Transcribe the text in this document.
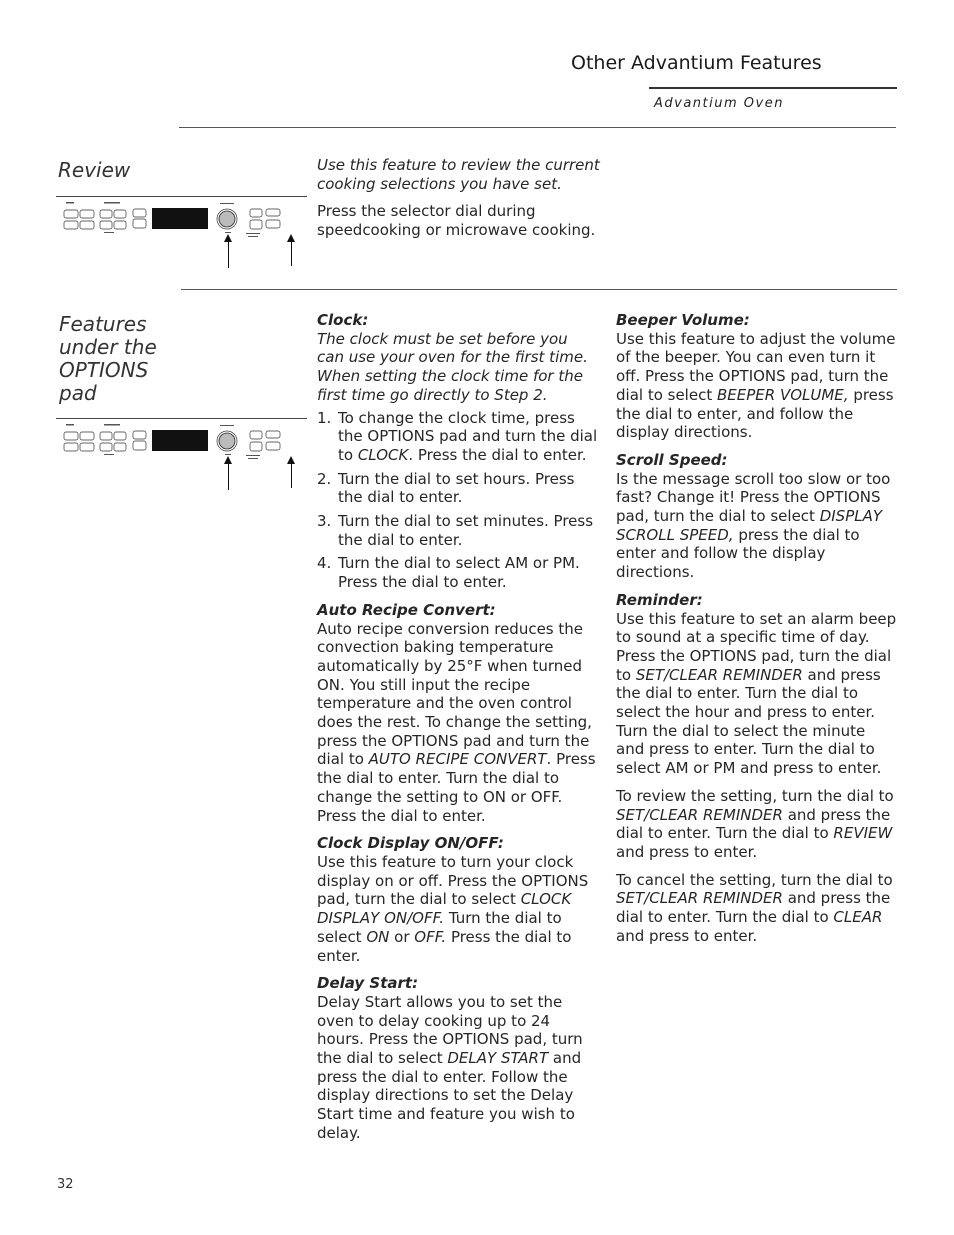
Other Advantium Features
Advantium Oven
Review	Use this feature to review the current cooking selections you have set.

Press the selector dial during speedcooking or microwave cooking.

Features
under the
OPTIONS
pad

Clock:

The clock must be set before you can use your oven for the first time. When setting the clock time for the first time go directly to Step 2.

1. To change the clock time, press the OPTIONS pad and turn the dial to CLOCK. Press the dial to enter.
2. Turn the dial to set hours. Press the dial to enter.
3. Turn the dial to set minutes. Press the dial to enter.
4. Turn the dial to select AM or PM. Press the dial to enter.

Auto Recipe Convert:

Auto recipe conversion reduces the convection baking temperature automatically by 25°F when turned ON. You still input the recipe temperature and the oven control does the rest. To change the setting, press the OPTIONS pad and turn the dial to AUTO RECIPE CONVERT. Press the dial to enter. Turn the dial to change the setting to ON or OFF. Press the dial to enter.

Clock Display ON/OFF:

Use this feature to turn your clock display on or off. Press the OPTIONS pad, turn the dial to select CLOCK DISPLAY ON/OFF. Turn the dial to select ON or OFF. Press the dial to enter.

Delay Start:

Delay Start allows you to set the oven to delay cooking up to 24 hours. Press the OPTIONS pad, turn the dial to select DELAY START and press the dial to enter. Follow the display directions to set the Delay Start time and feature you wish to delay.

Beeper Volume:

Use this feature to adjust the volume of the beeper. You can even turn it off. Press the OPTIONS pad, turn the dial to select BEEPER VOLUME, press the dial to enter, and follow the display directions.

Scroll Speed:

Is the message scroll too slow or too fast? Change it! Press the OPTIONS pad, turn the dial to select DISPLAY SCROLL SPEED, press the dial to enter and follow the display directions.

Reminder:

Use this feature to set an alarm beep to sound at a specific time of day. Press the OPTIONS pad, turn the dial to SET/CLEAR REMINDER and press the dial to enter. Turn the dial to select the hour and press to enter. Turn the dial to select the minute and press to enter. Turn the dial to select AM or PM and press to enter.

To review the setting, turn the dial to SET/CLEAR REMINDER and press the dial to enter. Turn the dial to REVIEW and press to enter.

To cancel the setting, turn the dial to SET/CLEAR REMINDER and press the dial to enter. Turn the dial to CLEAR and press to enter.

32
